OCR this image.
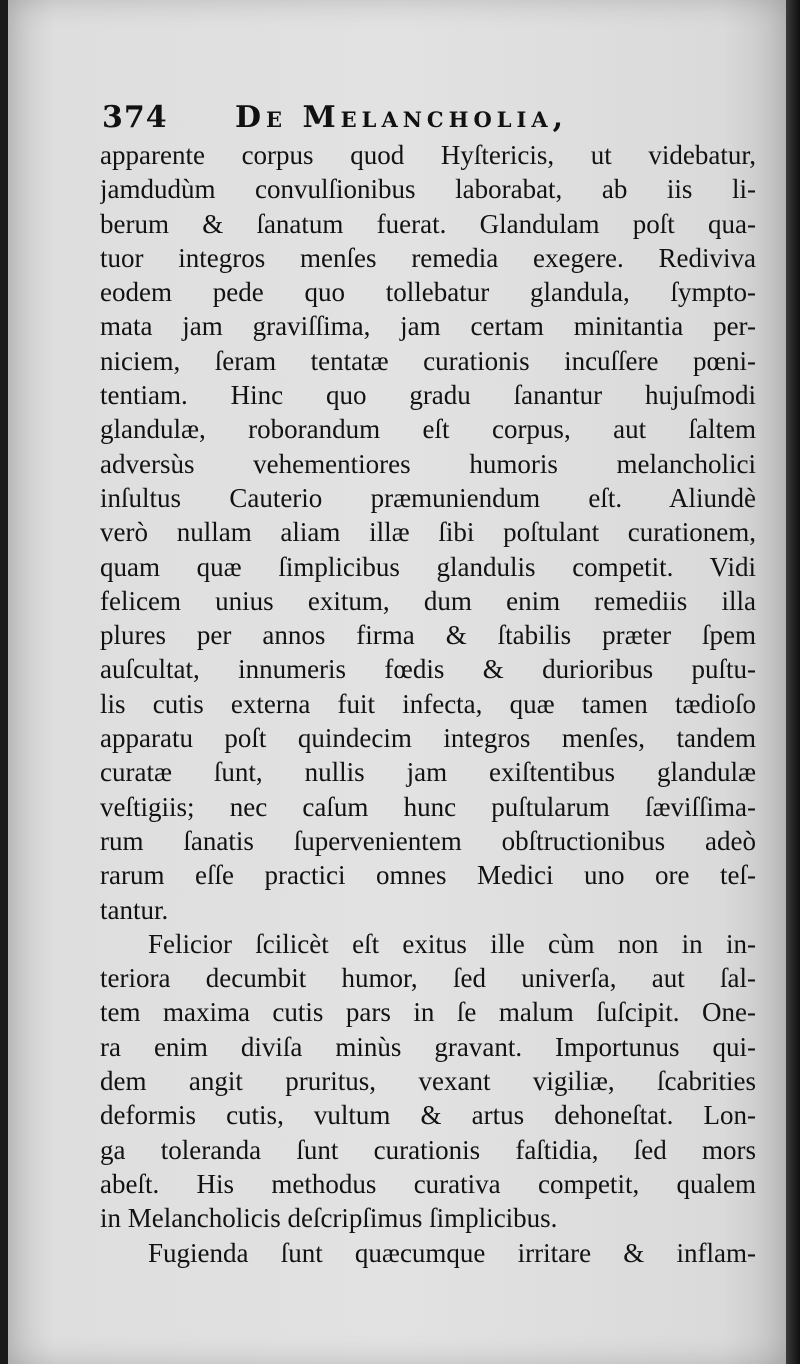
374 De Melancholia,
apparente corpus quod Hyſtericis, ut videbatur,
jamdudùm convulſionibus laborabat, ab iis li-
berum & ſanatum fuerat. Glandulam poſt qua-
tuor integros menſes remedia exegere. Rediviva
eodem pede quo tollebatur glandula, ſympto-
mata jam graviſſima, jam certam minitantia per-
niciem, ſeram tentatæ curationis incuſſere pœni-
tentiam. Hinc quo gradu ſanantur hujuſmodi
glandulæ, roborandum eſt corpus, aut ſaltem
adversùs vehementiores humoris melancholici
inſultus Cauterio præmuniendum eſt. Aliundè
verò nullam aliam illæ ſibi poſtulant curationem,
quam quæ ſimplicibus glandulis competit. Vidi
felicem unius exitum, dum enim remediis illa
plures per annos firma & ſtabilis præter ſpem
auſcultat, innumeris fœdis & durioribus puſtu-
lis cutis externa fuit infecta, quæ tamen tædioſo
apparatu poſt quindecim integros menſes, tandem
curatæ ſunt, nullis jam exiſtentibus glandulæ
veſtigiis; nec caſum hunc puſtularum ſæviſſima-
rum ſanatis ſupervenientem obſtructionibus adeò
rarum eſſe practici omnes Medici uno ore teſ-
tantur.
Felicior ſcilicèt eſt exitus ille cùm non in in-
teriora decumbit humor, ſed univerſa, aut ſal-
tem maxima cutis pars in ſe malum ſuſcipit. One-
ra enim diviſa minùs gravant. Importunus qui-
dem angit pruritus, vexant vigiliæ, ſcabrities
deformis cutis, vultum & artus dehoneſtat. Lon-
ga toleranda ſunt curationis faſtidia, ſed mors
abeſt. His methodus curativa competit, qualem
in Melancholicis deſcripſimus ſimplicibus.
Fugienda ſunt quæcumque irritare & inflam-
